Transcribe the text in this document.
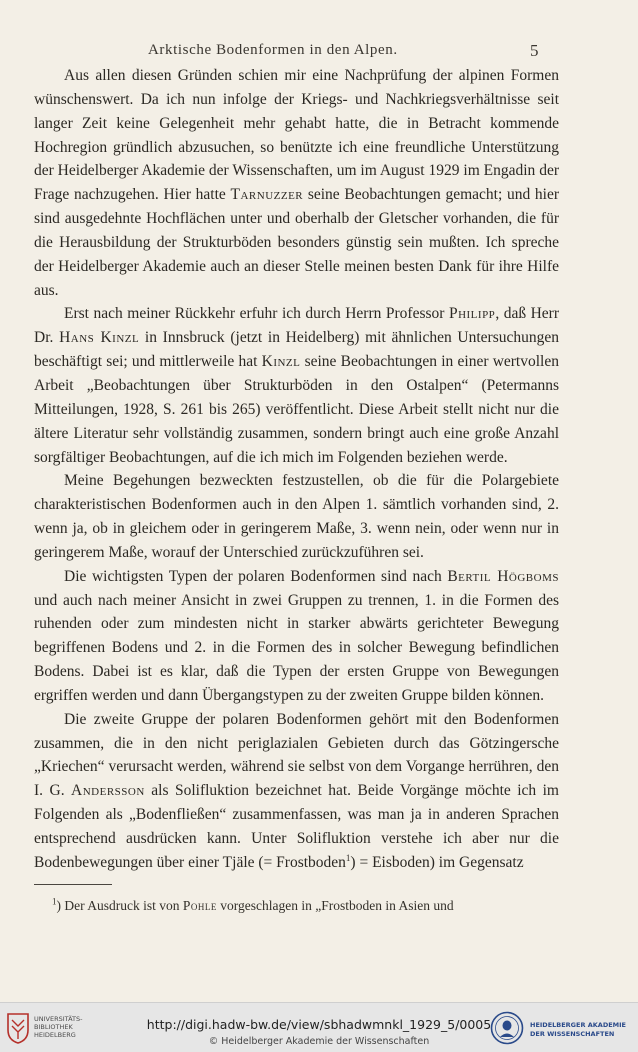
Arktische Bodenformen in den Alpen.	5

Aus allen diesen Gründen schien mir eine Nachprüfung der alpinen Formen wünschenswert. Da ich nun infolge der Kriegs- und Nachkriegsverhältnisse seit langer Zeit keine Gelegenheit mehr gehabt hatte, die in Betracht kommende Hochregion gründlich abzusuchen, so benützte ich eine freundliche Unterstützung der Heidelberger Akademie der Wissenschaften, um im August 1929 im Engadin der Frage nachzugehen. Hier hatte Tarnuzzer seine Beobachtungen gemacht; und hier sind ausgedehnte Hochflächen unter und oberhalb der Gletscher vorhanden, die für die Herausbildung der Strukturböden besonders günstig sein mußten. Ich spreche der Heidelberger Akademie auch an dieser Stelle meinen besten Dank für ihre Hilfe aus.

Erst nach meiner Rückkehr erfuhr ich durch Herrn Professor Philipp, daß Herr Dr. Hans Kinzl in Innsbruck (jetzt in Heidelberg) mit ähnlichen Untersuchungen beschäftigt sei; und mittlerweile hat Kinzl seine Beobachtungen in einer wertvollen Arbeit „Beobachtungen über Strukturböden in den Ostalpen“ (Petermanns Mitteilungen, 1928, S. 261 bis 265) veröffentlicht. Diese Arbeit stellt nicht nur die ältere Literatur sehr vollständig zusammen, sondern bringt auch eine große Anzahl sorgfältiger Beobachtungen, auf die ich mich im Folgenden beziehen werde.

Meine Begehungen bezweckten festzustellen, ob die für die Polargebiete charakteristischen Bodenformen auch in den Alpen 1. sämtlich vorhanden sind, 2. wenn ja, ob in gleichem oder in geringerem Maße, 3. wenn nein, oder wenn nur in geringerem Maße, worauf der Unterschied zurückzuführen sei.

Die wichtigsten Typen der polaren Bodenformen sind nach Bertil Högboms und auch nach meiner Ansicht in zwei Gruppen zu trennen, 1. in die Formen des ruhenden oder zum mindesten nicht in starker abwärts gerichteter Bewegung begriffenen Bodens und 2. in die Formen des in solcher Bewegung befindlichen Bodens. Dabei ist es klar, daß die Typen der ersten Gruppe von Bewegungen ergriffen werden und dann Übergangstypen zu der zweiten Gruppe bilden können.

Die zweite Gruppe der polaren Bodenformen gehört mit den Bodenformen zusammen, die in den nicht periglazialen Gebieten durch das Götzingersche „Kriechen“ verursacht werden, während sie selbst von dem Vorgange herrühren, den I. G. Andersson als Solifluktion bezeichnet hat. Beide Vorgänge möchte ich im Folgenden als „Bodenfließen“ zusammenfassen, was man ja in anderen Sprachen entsprechend ausdrücken kann. Unter Solifluktion verstehe ich aber nur die Bodenbewegungen über einer Tjäle (= Frostboden$^1$) = Eisboden) im Gegensatz

$^1$) Der Ausdruck ist von Pohle vorgeschlagen in „Frostboden in Asien und
UNIVERSITÄTS-
BIBLIOTHEK
HEIDELBERG
http://digi.hadw-bw.de/view/sbhadwmnkl_1929_5/0005
© Heidelberger Akademie der Wissenschaften
HEIDELBERGER AKADEMIE
DER WISSENSCHAFTEN
